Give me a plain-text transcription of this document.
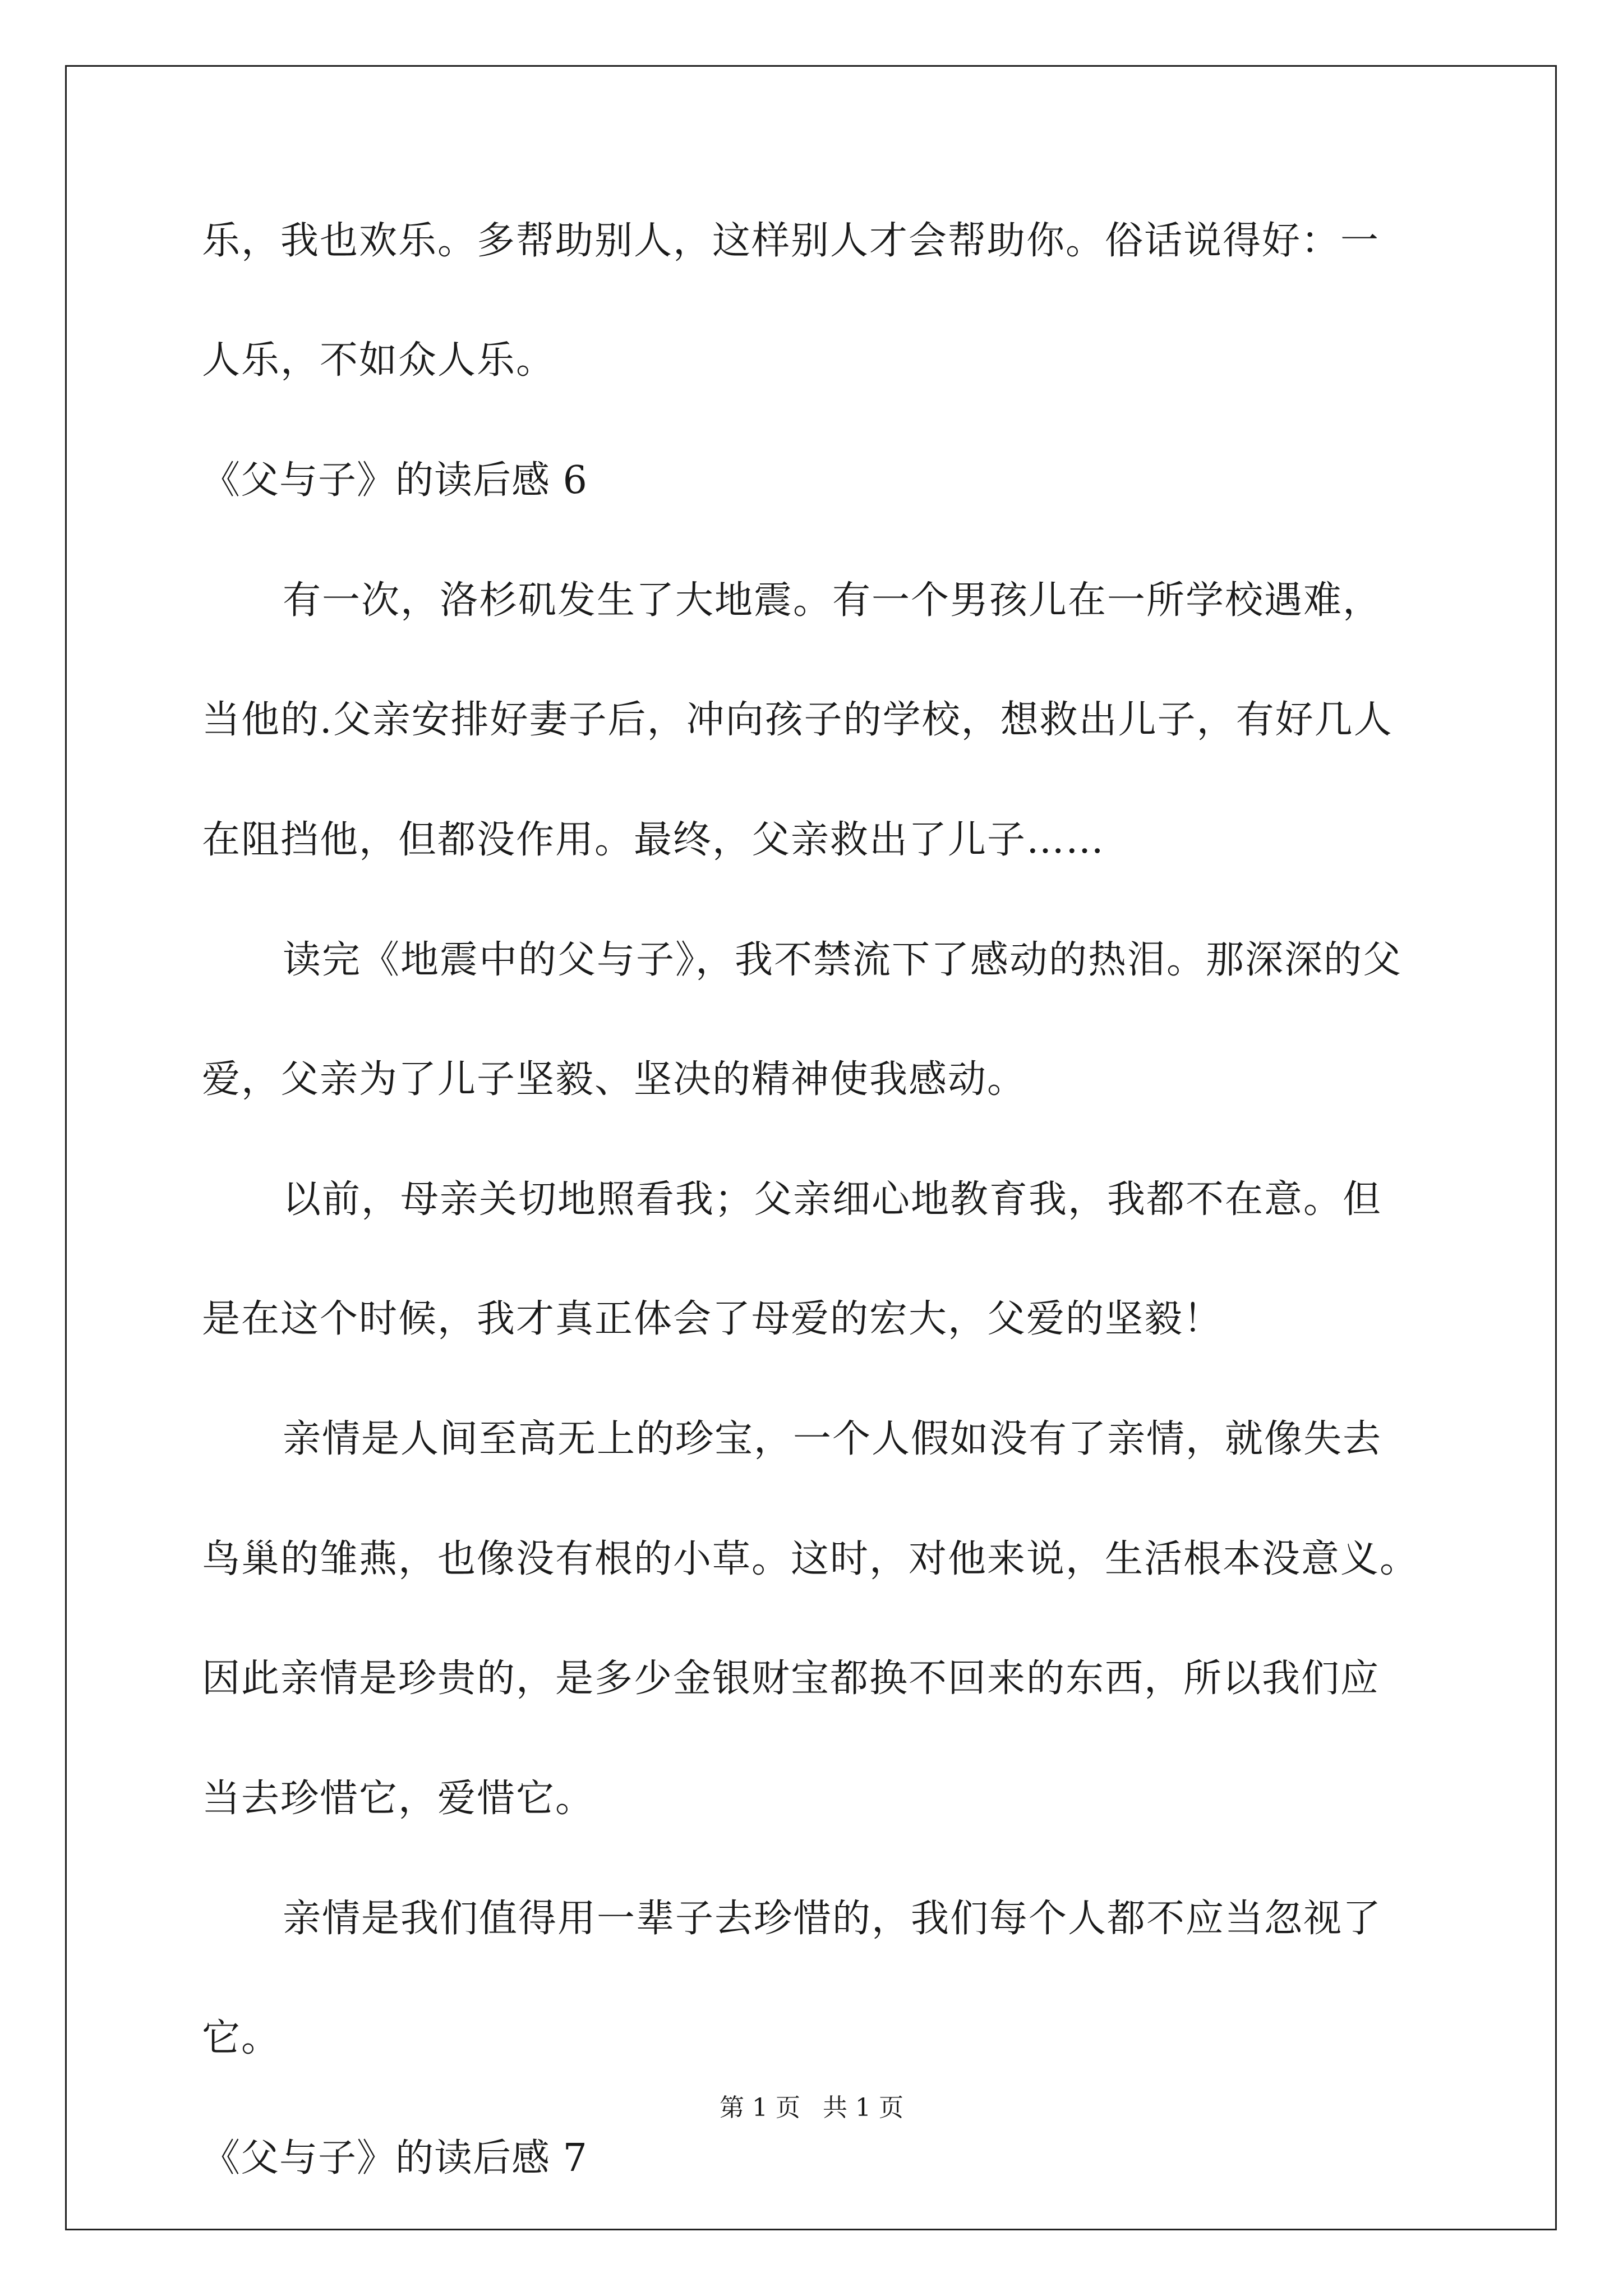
乐，我也欢乐。多帮助别人，这样别人才会帮助你。俗话说得好：一
人乐，不如众人乐。
《父与子》的读后感 6
有一次，洛杉矶发生了大地震。有一个男孩儿在一所学校遇难，
当他的.父亲安排好妻子后，冲向孩子的学校，想救出儿子，有好几人
在阻挡他，但都没作用。最终，父亲救出了儿子……
读完《地震中的父与子》，我不禁流下了感动的热泪。那深深的父
爱，父亲为了儿子坚毅、坚决的精神使我感动。
以前，母亲关切地照看我；父亲细心地教育我，我都不在意。但
是在这个时候，我才真正体会了母爱的宏大，父爱的坚毅！
亲情是人间至高无上的珍宝，一个人假如没有了亲情，就像失去
鸟巢的雏燕，也像没有根的小草。这时，对他来说，生活根本没意义。
因此亲情是珍贵的，是多少金银财宝都换不回来的东西，所以我们应
当去珍惜它，爱惜它。
亲情是我们值得用一辈子去珍惜的，我们每个人都不应当忽视了
它。
《父与子》的读后感 7
第 1 页 共 1 页
